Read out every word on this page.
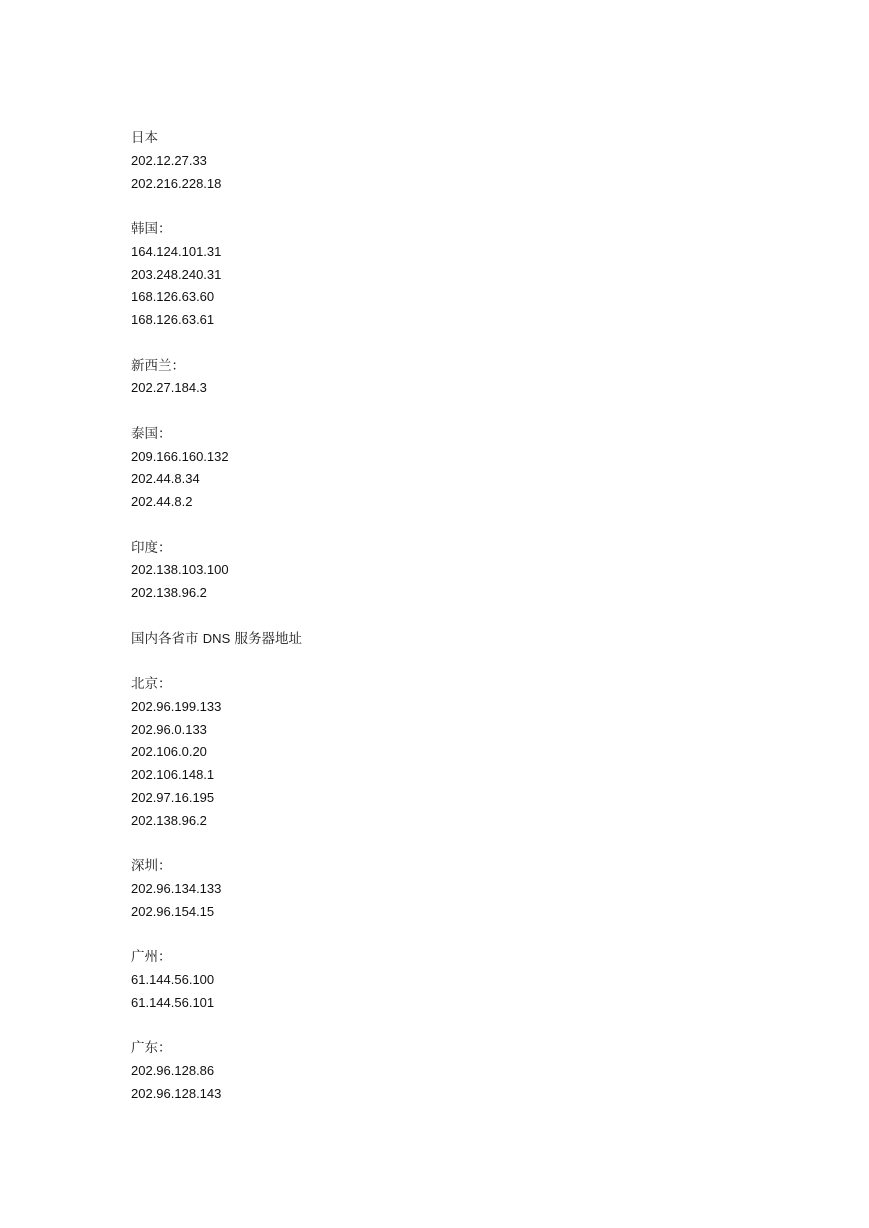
日本
202.12.27.33
202.216.228.18
韩国：
164.124.101.31
203.248.240.31
168.126.63.60
168.126.63.61
新西兰：
202.27.184.3
泰国：
209.166.160.132
202.44.8.34
202.44.8.2
印度：
202.138.103.100
202.138.96.2
国内各省市 DNS 服务器地址
北京：
202.96.199.133
202.96.0.133
202.106.0.20
202.106.148.1
202.97.16.195
202.138.96.2
深圳：
202.96.134.133
202.96.154.15
广州：
61.144.56.100
61.144.56.101
广东：
202.96.128.86
202.96.128.143
